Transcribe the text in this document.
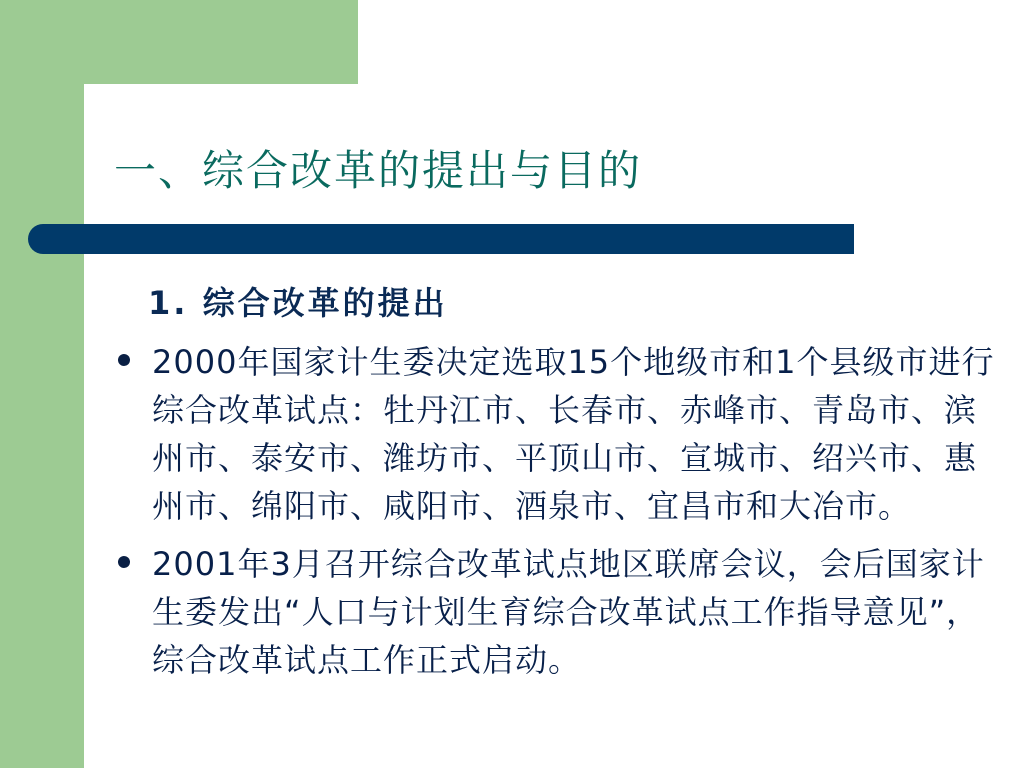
一、综合改革的提出与目的
1. 综合改革的提出
2000年国家计生委决定选取15个地级市和1个县级市进行综合改革试点：牡丹江市、长春市、赤峰市、青岛市、滨州市、泰安市、潍坊市、平顶山市、宣城市、绍兴市、惠州市、绵阳市、咸阳市、酒泉市、宜昌市和大冶市。
2001年3月召开综合改革试点地区联席会议，会后国家计生委发出“人口与计划生育综合改革试点工作指导意见”，综合改革试点工作正式启动。
